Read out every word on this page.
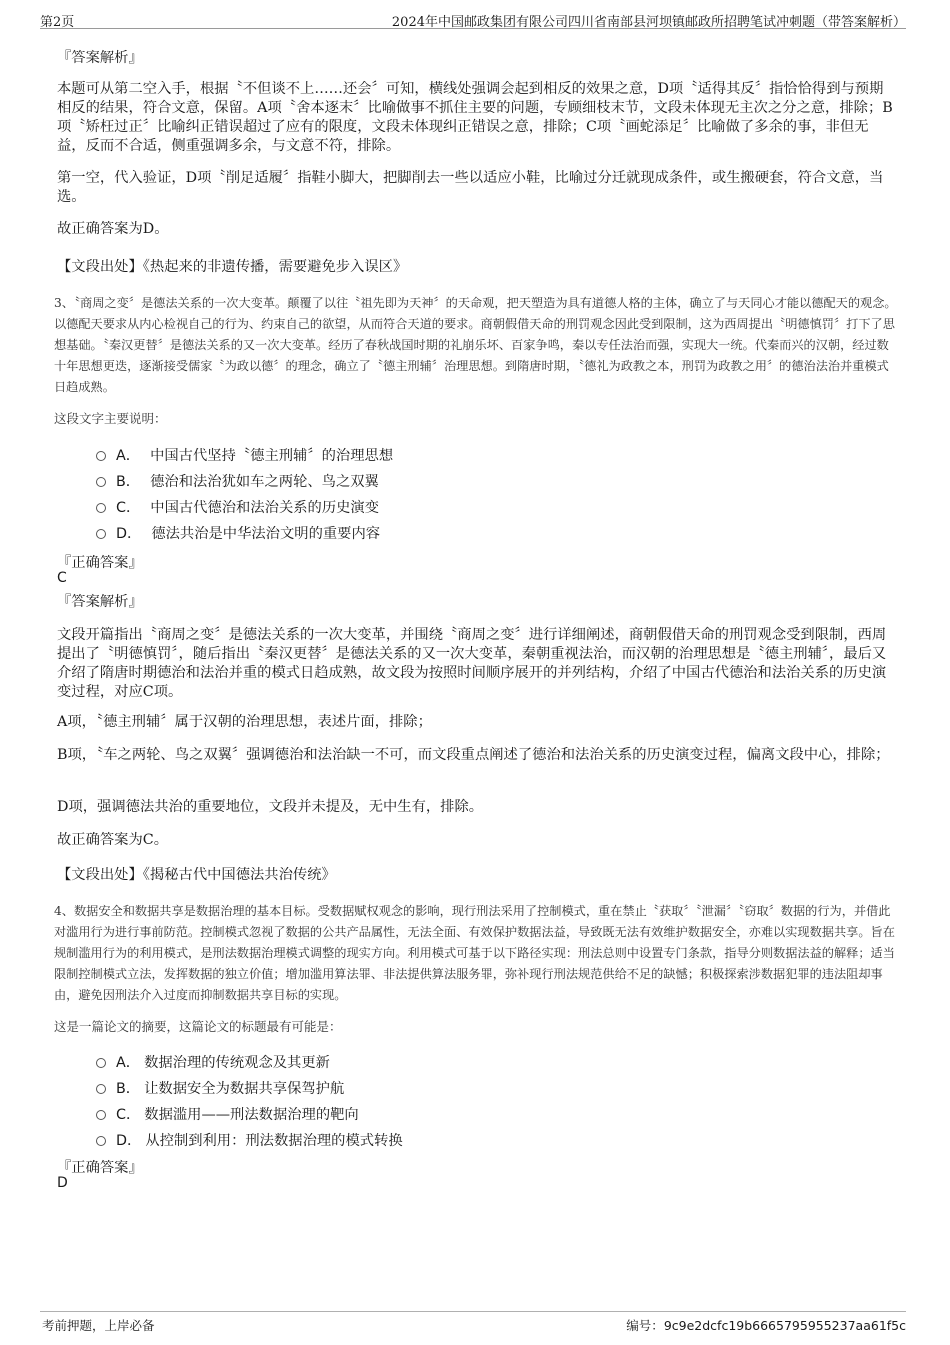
第2页	2024年中国邮政集团有限公司四川省南部县河坝镇邮政所招聘笔试冲刺题（带答案解析）

『答案解析』

本题可从第二空入手，根据〝不但谈不上……还会〞可知，横线处强调会起到相反的效果之意，D项〝适得其反〞指恰恰得到与预期相反的结果，符合文意，保留。A项〝舍本逐末〞比喻做事不抓住主要的问题，专顾细枝末节，文段未体现无主次之分之意，排除；B项〝矫枉过正〞比喻纠正错误超过了应有的限度，文段未体现纠正错误之意，排除；C项〝画蛇添足〞比喻做了多余的事，非但无益，反而不合适，侧重强调多余，与文意不符，排除。

第一空，代入验证，D项〝削足适履〞指鞋小脚大，把脚削去一些以适应小鞋，比喻过分迁就现成条件，或生搬硬套，符合文意，当选。

故正确答案为D。

【文段出处】《热起来的非遗传播，需要避免步入误区》

3、〝商周之变〞是德法关系的一次大变革。颠覆了以往〝祖先即为天神〞的天命观，把天塑造为具有道德人格的主体，确立了与天同心才能以德配天的观念。以德配天要求从内心检视自己的行为、约束自己的欲望，从而符合天道的要求。商朝假借天命的刑罚观念因此受到限制，这为西周提出〝明德慎罚〞打下了思想基础。〝秦汉更替〞是德法关系的又一次大变革。经历了春秋战国时期的礼崩乐坏、百家争鸣，秦以专任法治而强，实现大一统。代秦而兴的汉朝，经过数十年思想更迭，逐渐接受儒家〝为政以德〞的理念，确立了〝德主刑辅〞治理思想。到隋唐时期，〝德礼为政教之本，刑罚为政教之用〞的德治法治并重模式日趋成熟。

这段文字主要说明：

A． 中国古代坚持〝德主刑辅〞的治理思想

B． 德治和法治犹如车之两轮、鸟之双翼

C． 中国古代德治和法治关系的历史演变

D． 德法共治是中华法治文明的重要内容

『正确答案』

C

『答案解析』

文段开篇指出〝商周之变〞是德法关系的一次大变革，并围绕〝商周之变〞进行详细阐述，商朝假借天命的刑罚观念受到限制，西周提出了〝明德慎罚〞，随后指出〝秦汉更替〞是德法关系的又一次大变革，秦朝重视法治，而汉朝的治理思想是〝德主刑辅〞，最后又介绍了隋唐时期德治和法治并重的模式日趋成熟，故文段为按照时间顺序展开的并列结构，介绍了中国古代德治和法治关系的历史演变过程，对应C项。

A项，〝德主刑辅〞属于汉朝的治理思想，表述片面，排除；

B项，〝车之两轮、鸟之双翼〞强调德治和法治缺一不可，而文段重点阐述了德治和法治关系的历史演变过程，偏离文段中心，排除；

D项，强调德法共治的重要地位，文段并未提及，无中生有，排除。

故正确答案为C。

【文段出处】《揭秘古代中国德法共治传统》

4、数据安全和数据共享是数据治理的基本目标。受数据赋权观念的影响，现行刑法采用了控制模式，重在禁止〝获取〞〝泄漏〞〝窃取〞数据的行为，并借此对滥用行为进行事前防范。控制模式忽视了数据的公共产品属性，无法全面、有效保护数据法益，导致既无法有效维护数据安全，亦难以实现数据共享。旨在规制滥用行为的利用模式，是刑法数据治理模式调整的现实方向。利用模式可基于以下路径实现：刑法总则中设置专门条款，指导分则数据法益的解释；适当限制控制模式立法，发挥数据的独立价值；增加滥用算法罪、非法提供算法服务罪，弥补现行刑法规范供给不足的缺憾；积极探索涉数据犯罪的违法阻却事由，避免因刑法介入过度而抑制数据共享目标的实现。

这是一篇论文的摘要，这篇论文的标题最有可能是：

A． 数据治理的传统观念及其更新

B． 让数据安全为数据共享保驾护航

C． 数据滥用——刑法数据治理的靶向

D． 从控制到利用：刑法数据治理的模式转换

『正确答案』

D

考前押题，上岸必备	编号：9c9e2dcfc19b6665795955237aa61f5c
